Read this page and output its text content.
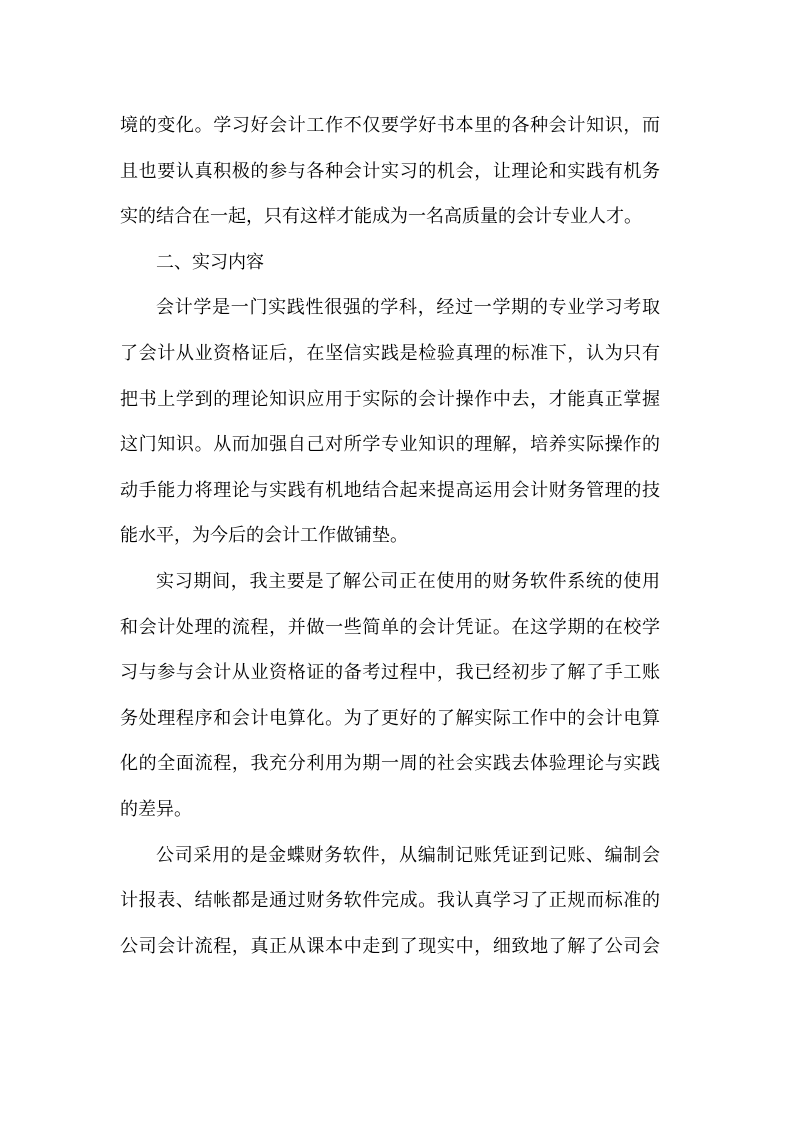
境的变化。学习好会计工作不仅要学好书本里的各种会计知识，而
且也要认真积极的参与各种会计实习的机会，让理论和实践有机务
实的结合在一起，只有这样才能成为一名高质量的会计专业人才。
二、实习内容
会计学是一门实践性很强的学科，经过一学期的专业学习考取
了会计从业资格证后，在坚信实践是检验真理的标准下，认为只有
把书上学到的理论知识应用于实际的会计操作中去，才能真正掌握
这门知识。从而加强自己对所学专业知识的理解，培养实际操作的
动手能力将理论与实践有机地结合起来提高运用会计财务管理的技
能水平，为今后的会计工作做铺垫。
实习期间，我主要是了解公司正在使用的财务软件系统的使用
和会计处理的流程，并做一些简单的会计凭证。在这学期的在校学
习与参与会计从业资格证的备考过程中，我已经初步了解了手工账
务处理程序和会计电算化。为了更好的了解实际工作中的会计电算
化的全面流程，我充分利用为期一周的社会实践去体验理论与实践
的差异。
公司采用的是金蝶财务软件，从编制记账凭证到记账、编制会
计报表、结帐都是通过财务软件完成。我认真学习了正规而标准的
公司会计流程，真正从课本中走到了现实中，细致地了解了公司会
